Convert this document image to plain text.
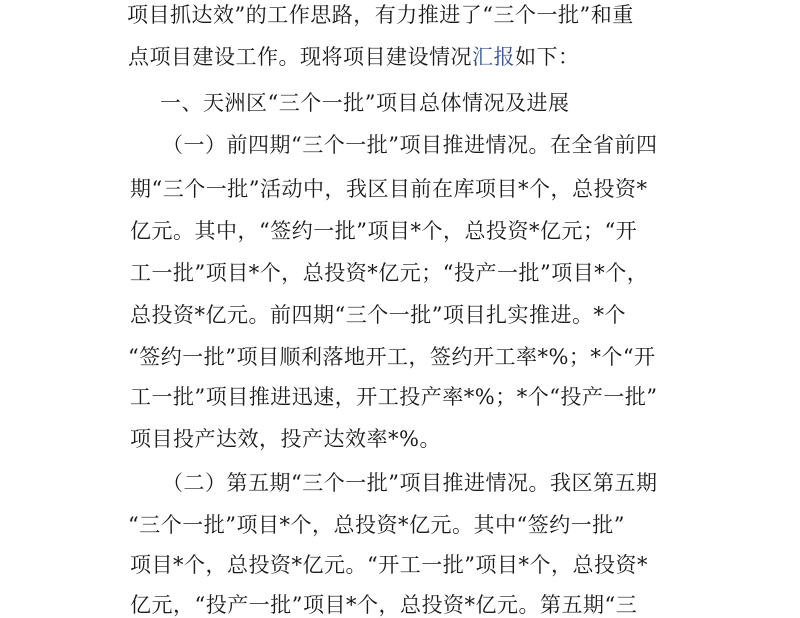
项目抓达效”的工作思路，有力推进了“三个一批”和重
点项目建设工作。现将项目建设情况汇报如下：
一、天洲区“三个一批”项目总体情况及进展
（一）前四期“三个一批”项目推进情况。在全省前四
期“三个一批”活动中，我区目前在库项目*个，总投资*
亿元。其中，“签约一批”项目*个，总投资*亿元；“开
工一批”项目*个，总投资*亿元；“投产一批”项目*个，
总投资*亿元。前四期“三个一批”项目扎实推进。*个
“签约一批”项目顺利落地开工，签约开工率*%；*个“开
工一批”项目推进迅速，开工投产率*%；*个“投产一批”
项目投产达效，投产达效率*%。
（二）第五期“三个一批”项目推进情况。我区第五期
“三个一批”项目*个，总投资*亿元。其中“签约一批”
项目*个，总投资*亿元。“开工一批”项目*个，总投资*
亿元，“投产一批”项目*个，总投资*亿元。第五期“三
